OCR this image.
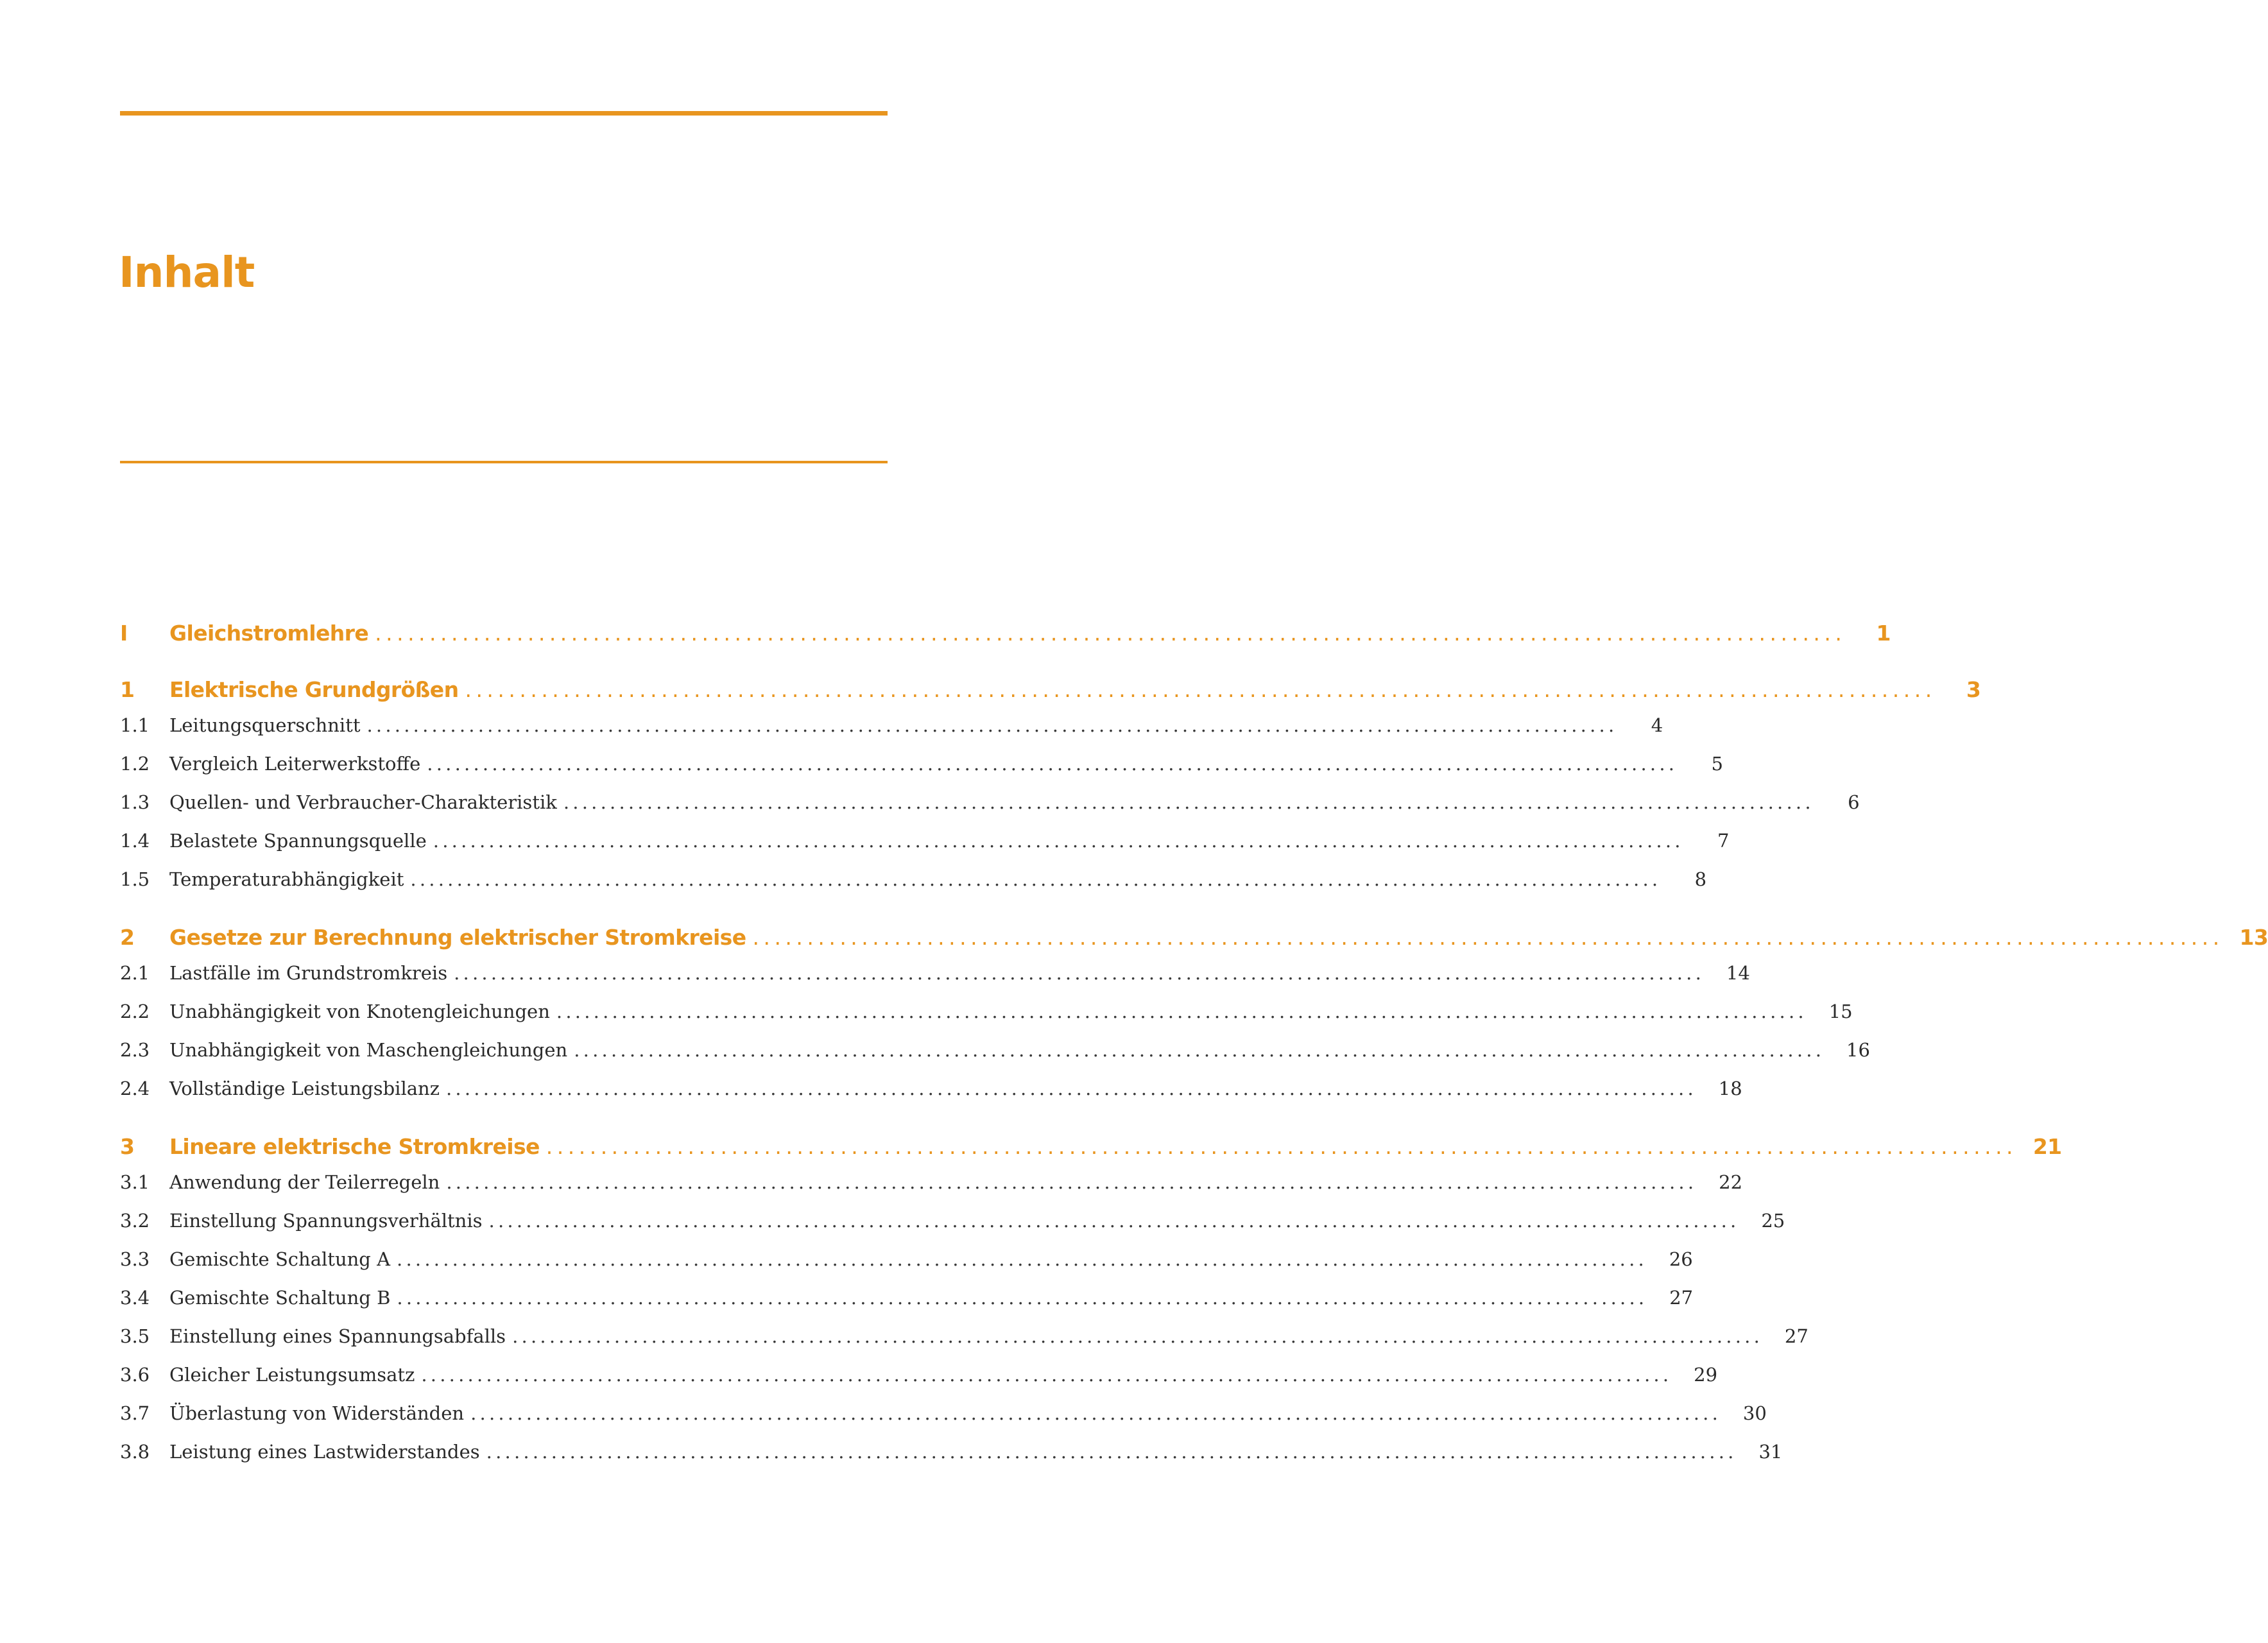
Inhalt
I	Gleichstromlehre . . .	1
1	Elektrische Grundgrößen . . .	3
1.1	Leitungsquerschnitt . . .	4
1.2	Vergleich Leiterwerkstoffe . . .	5
1.3	Quellen- und Verbraucher-Charakteristik . . .	6
1.4	Belastete Spannungsquelle . . .	7
1.5	Temperaturabhängigkeit . . .	8
2	Gesetze zur Berechnung elektrischer Stromkreise . . .	13
2.1	Lastfälle im Grundstromkreis . . .	14
2.2	Unabhängigkeit von Knotengleichungen . . .	15
2.3	Unabhängigkeit von Maschengleichungen . . .	16
2.4	Vollständige Leistungsbilanz . . .	18
3	Lineare elektrische Stromkreise . . .	21
3.1	Anwendung der Teilerregeln . . .	22
3.2	Einstellung Spannungsverhältnis . . .	25
3.3	Gemischte Schaltung A . . .	26
3.4	Gemischte Schaltung B . . .	27
3.5	Einstellung eines Spannungsabfalls . . .	27
3.6	Gleicher Leistungsumsatz . . .	29
3.7	Überlastung von Widerständen . . .	30
3.8	Leistung eines Lastwiderstandes . . .	31
